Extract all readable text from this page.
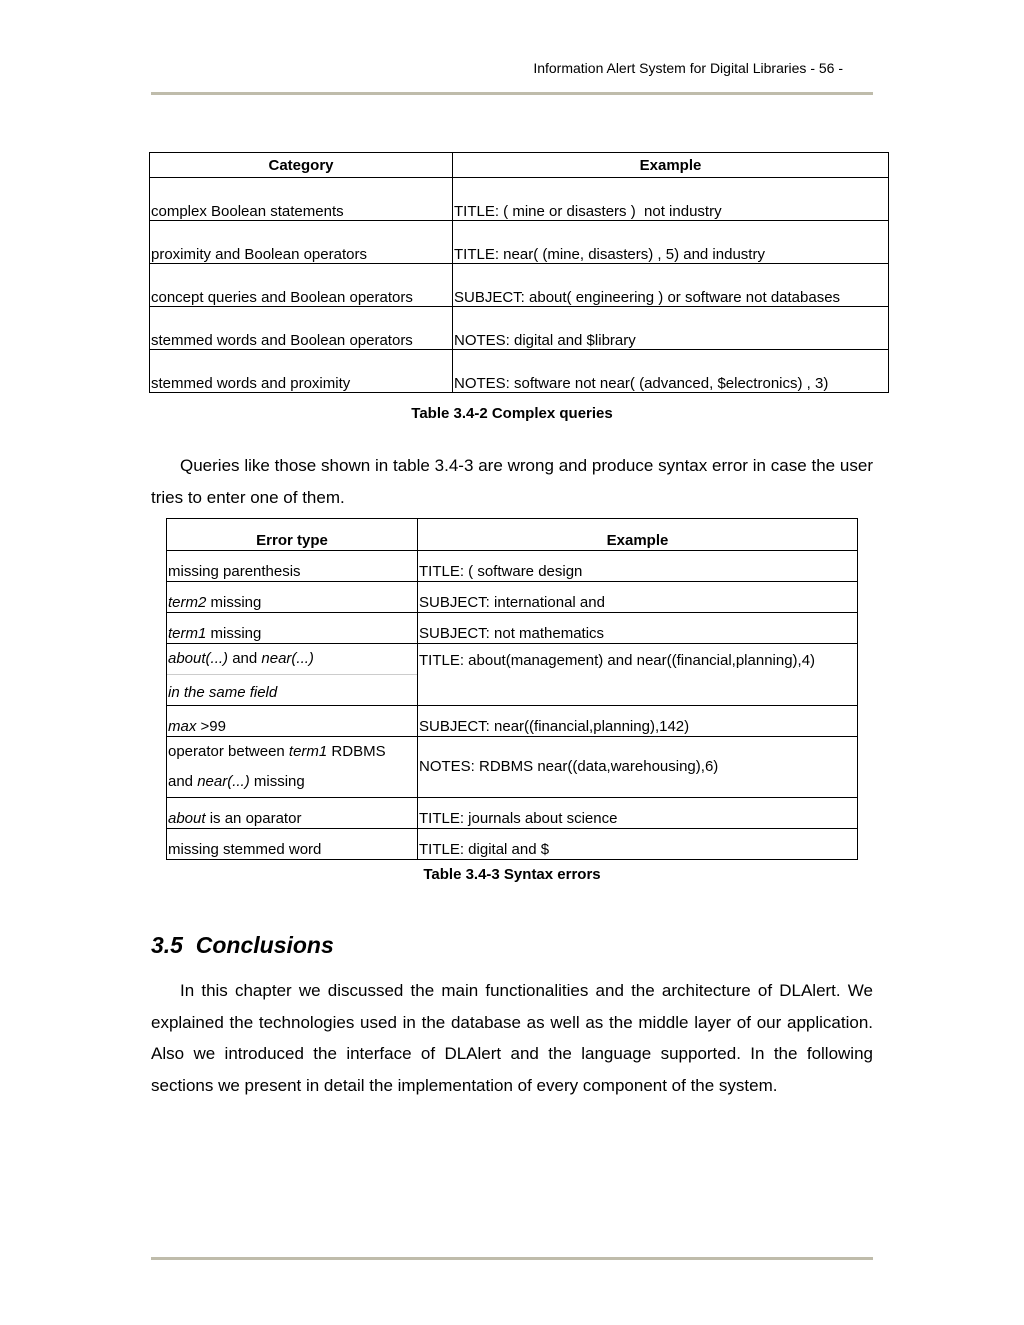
Information Alert System for Digital Libraries - 56 -
Category	Example
complex Boolean statements	TITLE: ( mine or disasters )  not industry
proximity and Boolean operators	TITLE: near( (mine, disasters) , 5) and industry
concept queries and Boolean operators	SUBJECT: about( engineering ) or software not databases
stemmed words and Boolean operators	NOTES: digital and $library
stemmed words and proximity	NOTES: software not near( (advanced, $electronics) , 3)
Table 3.4-2 Complex queries

Queries like those shown in table 3.4-3 are wrong and produce syntax error in case the user tries to enter one of them.

Error type	Example
missing parenthesis	TITLE: ( software design
term2 missing	SUBJECT: international and
term1 missing	SUBJECT: not mathematics

about(...) and near(...)
in the same field	TITLE: about(management) and near((financial,planning),4)
max >99	SUBJECT: near((financial,planning),142)

operator between term1 RDBMS
and near(...) missing	NOTES: RDBMS near((data,warehousing),6)
about is an oparator	TITLE: journals about science
missing stemmed word	TITLE: digital and $
Table 3.4-3 Syntax errors
3.5  Conclusions

In this chapter we discussed the main functionalities and the architecture of DLAlert. We explained the technologies used in the database as well as the middle layer of our application. Also we introduced the interface of DLAlert and the language supported. In the following sections we present in detail the implementation of every component of the system.
